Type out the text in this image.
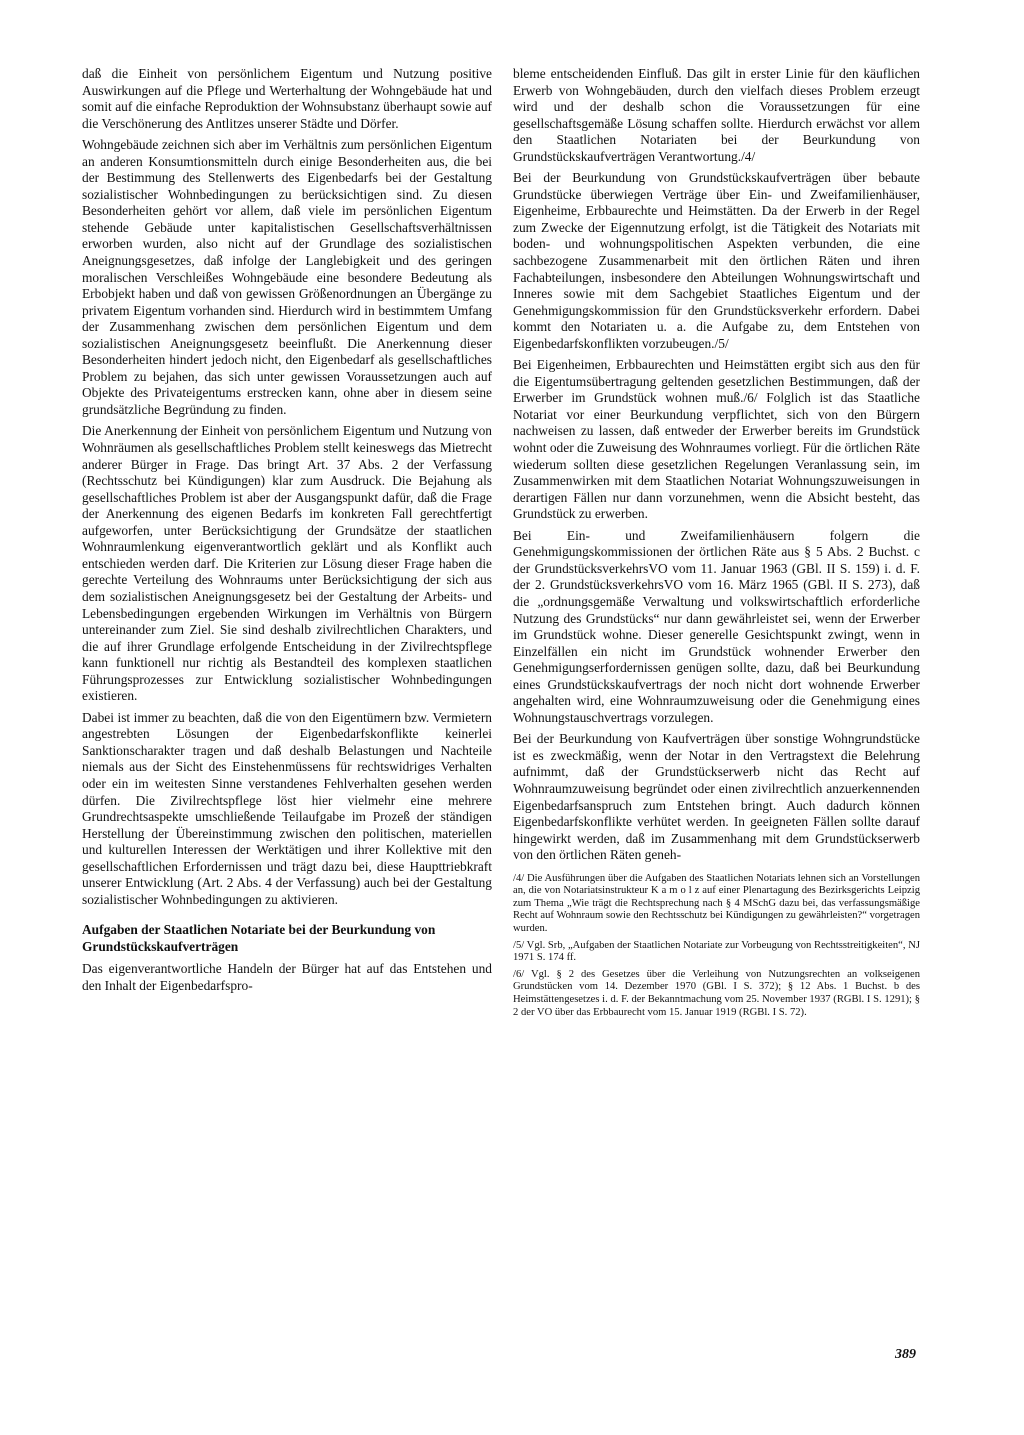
daß die Einheit von persönlichem Eigentum und Nutzung positive Auswirkungen auf die Pflege und Werterhaltung der Wohngebäude hat und somit auf die einfache Reproduktion der Wohnsubstanz überhaupt sowie auf die Verschönerung des Antlitzes unserer Städte und Dörfer.

Wohngebäude zeichnen sich aber im Verhältnis zum persönlichen Eigentum an anderen Konsumtionsmitteln durch einige Besonderheiten aus, die bei der Bestimmung des Stellenwerts des Eigenbedarfs bei der Gestaltung sozialistischer Wohnbedingungen zu berücksichtigen sind. Zu diesen Besonderheiten gehört vor allem, daß viele im persönlichen Eigentum stehende Gebäude unter kapitalistischen Gesellschaftsverhältnissen erworben wurden, also nicht auf der Grundlage des sozialistischen Aneignungsgesetzes, daß infolge der Langlebigkeit und des geringen moralischen Verschleißes Wohngebäude eine besondere Bedeutung als Erbobjekt haben und daß von gewissen Größenordnungen an Übergänge zu privatem Eigentum vorhanden sind. Hierdurch wird in bestimmtem Umfang der Zusammenhang zwischen dem persönlichen Eigentum und dem sozialistischen Aneignungsgesetz beeinflußt. Die Anerkennung dieser Besonderheiten hindert jedoch nicht, den Eigenbedarf als gesellschaftliches Problem zu bejahen, das sich unter gewissen Voraussetzungen auch auf Objekte des Privateigentums erstrecken kann, ohne aber in diesem seine grundsätzliche Begründung zu finden.

Die Anerkennung der Einheit von persönlichem Eigentum und Nutzung von Wohnräumen als gesellschaftliches Problem stellt keineswegs das Mietrecht anderer Bürger in Frage. Das bringt Art. 37 Abs. 2 der Verfassung (Rechtsschutz bei Kündigungen) klar zum Ausdruck. Die Bejahung als gesellschaftliches Problem ist aber der Ausgangspunkt dafür, daß die Frage der Anerkennung des eigenen Bedarfs im konkreten Fall gerechtfertigt aufgeworfen, unter Berücksichtigung der Grundsätze der staatlichen Wohnraumlenkung eigenverantwortlich geklärt und als Konflikt auch entschieden werden darf. Die Kriterien zur Lösung dieser Frage haben die gerechte Verteilung des Wohnraums unter Berücksichtigung der sich aus dem sozialistischen Aneignungsgesetz bei der Gestaltung der Arbeits- und Lebensbedingungen ergebenden Wirkungen im Verhältnis von Bürgern untereinander zum Ziel. Sie sind deshalb zivilrechtlichen Charakters, und die auf ihrer Grundlage erfolgende Entscheidung in der Zivilrechtspflege kann funktionell nur richtig als Bestandteil des komplexen staatlichen Führungsprozesses zur Entwicklung sozialistischer Wohnbedingungen existieren.

Dabei ist immer zu beachten, daß die von den Eigentümern bzw. Vermietern angestrebten Lösungen der Eigenbedarfskonflikte keinerlei Sanktionscharakter tragen und daß deshalb Belastungen und Nachteile niemals aus der Sicht des Einstehenmüssens für rechtswidriges Verhalten oder ein im weitesten Sinne verstandenes Fehlverhalten gesehen werden dürfen. Die Zivilrechtspflege löst hier vielmehr eine mehrere Grundrechtsaspekte umschließende Teilaufgabe im Prozeß der ständigen Herstellung der Übereinstimmung zwischen den politischen, materiellen und kulturellen Interessen der Werktätigen und ihrer Kollektive mit den gesellschaftlichen Erfordernissen und trägt dazu bei, diese Haupttriebkraft unserer Entwicklung (Art. 2 Abs. 4 der Verfassung) auch bei der Gestaltung sozialistischer Wohnbedingungen zu aktivieren.

Aufgaben der Staatlichen Notariate bei der Beurkundung von Grundstückskaufverträgen

Das eigenverantwortliche Handeln der Bürger hat auf das Entstehen und den Inhalt der Eigenbedarfspro-

bleme entscheidenden Einfluß. Das gilt in erster Linie für den käuflichen Erwerb von Wohngebäuden, durch den vielfach dieses Problem erzeugt wird und der deshalb schon die Voraussetzungen für eine gesellschaftsgemäße Lösung schaffen sollte. Hierdurch erwächst vor allem den Staatlichen Notariaten bei der Beurkundung von Grundstückskaufverträgen Verantwortung./4/

Bei der Beurkundung von Grundstückskaufverträgen über bebaute Grundstücke überwiegen Verträge über Ein- und Zweifamilienhäuser, Eigenheime, Erbbaurechte und Heimstätten. Da der Erwerb in der Regel zum Zwecke der Eigennutzung erfolgt, ist die Tätigkeit des Notariats mit boden- und wohnungspolitischen Aspekten verbunden, die eine sachbezogene Zusammenarbeit mit den örtlichen Räten und ihren Fachabteilungen, insbesondere den Abteilungen Wohnungswirtschaft und Inneres sowie mit dem Sachgebiet Staatliches Eigentum und der Genehmigungskommission für den Grundstücksverkehr erfordern. Dabei kommt den Notariaten u. a. die Aufgabe zu, dem Entstehen von Eigenbedarfskonflikten vorzubeugen./5/

Bei Eigenheimen, Erbbaurechten und Heimstätten ergibt sich aus den für die Eigentumsübertragung geltenden gesetzlichen Bestimmungen, daß der Erwerber im Grundstück wohnen muß./6/ Folglich ist das Staatliche Notariat vor einer Beurkundung verpflichtet, sich von den Bürgern nachweisen zu lassen, daß entweder der Erwerber bereits im Grundstück wohnt oder die Zuweisung des Wohnraumes vorliegt. Für die örtlichen Räte wiederum sollten diese gesetzlichen Regelungen Veranlassung sein, im Zusammenwirken mit dem Staatlichen Notariat Wohnungszuweisungen in derartigen Fällen nur dann vorzunehmen, wenn die Absicht besteht, das Grundstück zu erwerben.

Bei Ein- und Zweifamilienhäusern folgern die Genehmigungskommissionen der örtlichen Räte aus § 5 Abs. 2 Buchst. c der GrundstücksverkehrsVO vom 11. Januar 1963 (GBl. II S. 159) i. d. F. der 2. GrundstücksverkehrsVO vom 16. März 1965 (GBl. II S. 273), daß die „ordnungsgemäße Verwaltung und volkswirtschaftlich erforderliche Nutzung des Grundstücks“ nur dann gewährleistet sei, wenn der Erwerber im Grundstück wohne. Dieser generelle Gesichtspunkt zwingt, wenn in Einzelfällen ein nicht im Grundstück wohnender Erwerber den Genehmigungserfordernissen genügen sollte, dazu, daß bei Beurkundung eines Grundstückskaufvertrags der noch nicht dort wohnende Erwerber angehalten wird, eine Wohnraumzuweisung oder die Genehmigung eines Wohnungstauschvertrags vorzulegen.

Bei der Beurkundung von Kaufverträgen über sonstige Wohngrundstücke ist es zweckmäßig, wenn der Notar in den Vertragstext die Belehrung aufnimmt, daß der Grundstückserwerb nicht das Recht auf Wohnraumzuweisung begründet oder einen zivilrechtlich anzuerkennenden Eigenbedarfsanspruch zum Entstehen bringt. Auch dadurch können Eigenbedarfskonflikte verhütet werden. In geeigneten Fällen sollte darauf hingewirkt werden, daß im Zusammenhang mit dem Grundstückserwerb von den örtlichen Räten geneh-

/4/ Die Ausführungen über die Aufgaben des Staatlichen Notariats lehnen sich an Vorstellungen an, die von Notariatsinstrukteur K a m o l z auf einer Plenartagung des Bezirksgerichts Leipzig zum Thema „Wie trägt die Rechtsprechung nach § 4 MSchG dazu bei, das verfassungsmäßige Recht auf Wohnraum sowie den Rechtsschutz bei Kündigungen zu gewährleisten?“ vorgetragen wurden.

/5/ Vgl. Srb, „Aufgaben der Staatlichen Notariate zur Vorbeugung von Rechtsstreitigkeiten“, NJ 1971 S. 174 ff.

/6/ Vgl. § 2 des Gesetzes über die Verleihung von Nutzungsrechten an volkseigenen Grundstücken vom 14. Dezember 1970 (GBl. I S. 372); § 12 Abs. 1 Buchst. b des Heimstättengesetzes i. d. F. der Bekanntmachung vom 25. November 1937 (RGBl. I S. 1291); § 2 der VO über das Erbbaurecht vom 15. Januar 1919 (RGBl. I S. 72).

389
